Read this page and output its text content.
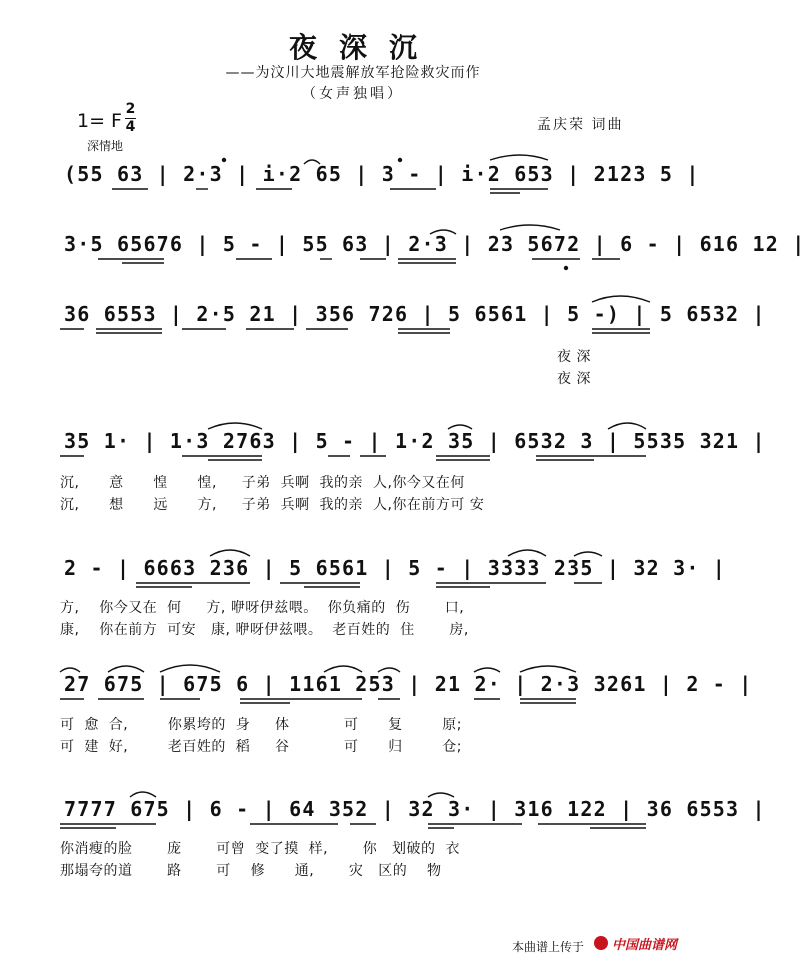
夜深沉
——为汶川大地震解放军抢险救灾而作
（女声独唱）
1= F
2
4
深情地
孟庆荣 词曲
(55 63 | 2·3 | i·2 65 | 3 - | i·2 653 | 2123 5 |
3·5 65676 | 5 - | 55 63 | 2·3 | 23 5672 | 6 - | 616 12 |
36 6553 | 2·5 21 | 356 726 | 5 6561 | 5 -) | 5 6532 |
夜 深
夜 深
35 1· | 1·3 2763 | 5 - | 1·2 35 | 6532 3 | 5535 321 |
沉,      意      惶      惶,     子弟  兵啊  我的亲  人,你今又在何
沉,      想      远      方,     子弟  兵啊  我的亲  人,你在前方可 安
2 - | 6663 236 | 5 6561 | 5 - | 3333 235 | 32 3· |
方,    你今又在  何     方, 咿呀伊兹喂。  你负痛的  伤       口,
康,    你在前方  可安   康, 咿呀伊兹喂。  老百姓的  住       房,
27 675 | 675 6 | 1161 253 | 21 2· | 2·3 3261 | 2 - |
可  愈  合,        你累垮的  身     体           可      复        原;
可  建  好,        老百姓的  稻     谷           可      归        仓;
7777 675 | 6 - | 64 352 | 32 3· | 316 122 | 36 6553 |
你消瘦的脸       庞       可曾  变了摸  样,       你   划破的  衣
那塌夸的道       路       可    修      通,       灾   区的    物
本曲谱上传于 中国曲谱网
